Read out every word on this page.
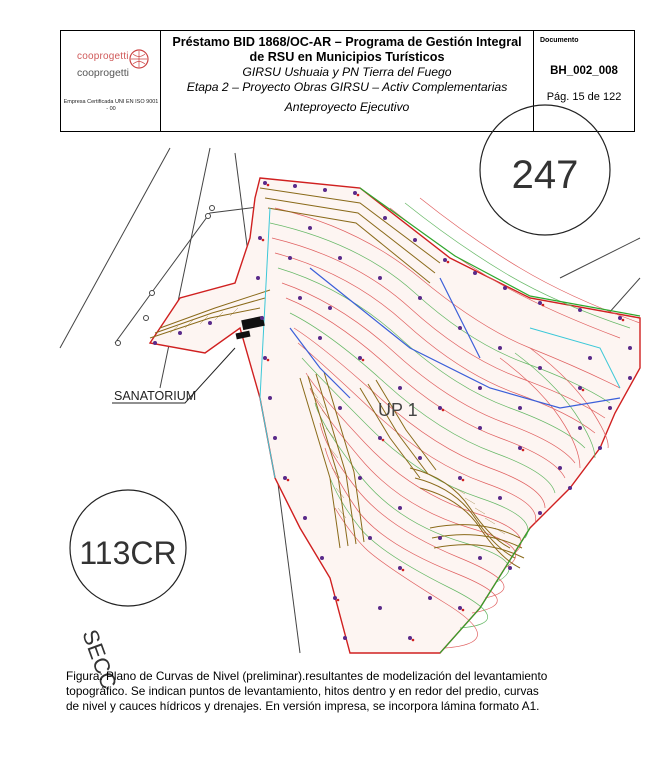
cooprogetti
cooprogetti
Empresa Certificada UNI EN ISO 9001 - 00
Préstamo BID 1868/OC-AR – Programa de Gestión Integral
de RSU en Municipios Turísticos
GIRSU Ushuaia y PN Tierra del Fuego
Etapa 2 – Proyecto Obras GIRSU – Activ Complementarias
Anteproyecto Ejecutivo
Documento
BH_002_008
Pág. 15 de 122
247
113CR
SECC
SANATORIUM
UP 1
Figura: Plano de Curvas de Nivel (preliminar).resultantes de modelización del levantamiento
topográfico. Se indican puntos de levantamiento, hitos dentro y en redor del predio, curvas
de nivel y cauces hídricos y drenajes. En versión impresa, se incorpora lámina formato A1.
